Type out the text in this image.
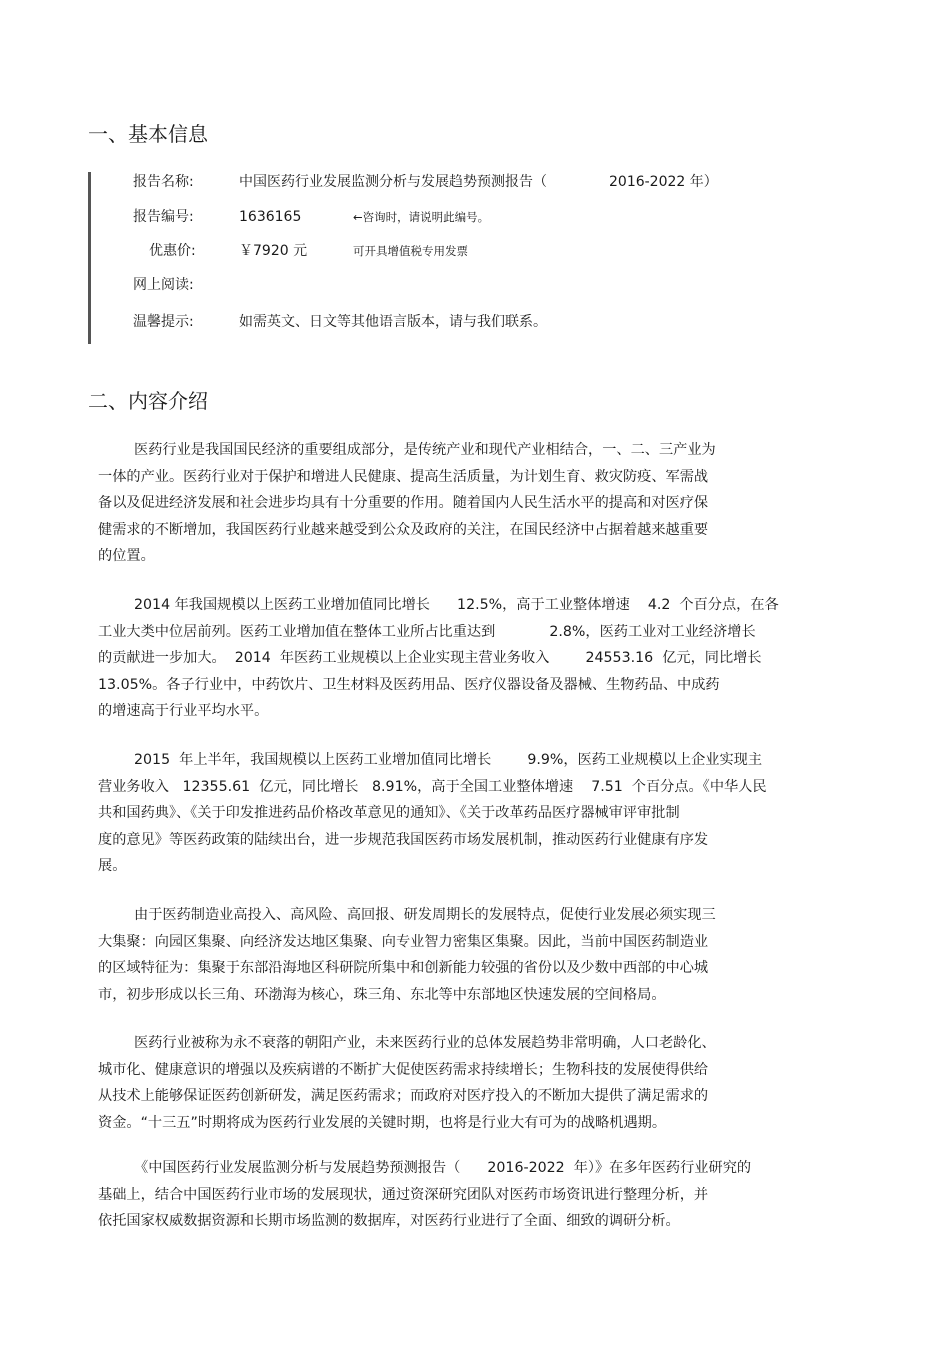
一、基本信息
报告名称:	中国医药行业发展监测分析与发展趋势预测报告（	2016-2022 年）
报告编号:	1636165	←咨询时，请说明此编号。
优惠价:	￥7920 元	可开具增值税专用发票
网上阅读:
温馨提示:	如需英文、日文等其他语言版本，请与我们联系。
二、内容介绍
医药行业是我国国民经济的重要组成部分，是传统产业和现代产业相结合，一、二、三产业为
一体的产业。医药行业对于保护和增进人民健康、提高生活质量，为计划生育、救灾防疫、军需战
备以及促进经济发展和社会进步均具有十分重要的作用。随着国内人民生活水平的提高和对医疗保
健需求的不断增加，我国医药行业越来越受到公众及政府的关注，在国民经济中占据着越来越重要
的位置。
2014 年我国规模以上医药工业增加值同比增长      12.5%，高于工业整体增速    4.2  个百分点，在各
工业大类中位居前列。医药工业增加值在整体工业所占比重达到            2.8%，医药工业对工业经济增长
的贡献进一步加大。  2014  年医药工业规模以上企业实现主营业务收入        24553.16  亿元，同比增长
13.05%。各子行业中，中药饮片、卫生材料及医药用品、医疗仪器设备及器械、生物药品、中成药
的增速高于行业平均水平。
2015  年上半年，我国规模以上医药工业增加值同比增长        9.9%，医药工业规模以上企业实现主
营业务收入   12355.61  亿元，同比增长   8.91%，高于全国工业整体增速    7.51  个百分点。《中华人民
共和国药典》、《关于印发推进药品价格改革意见的通知》、《关于改革药品医疗器械审评审批制
度的意见》等医药政策的陆续出台，进一步规范我国医药市场发展机制，推动医药行业健康有序发
展。
由于医药制造业高投入、高风险、高回报、研发周期长的发展特点，促使行业发展必须实现三
大集聚：向园区集聚、向经济发达地区集聚、向专业智力密集区集聚。因此，当前中国医药制造业
的区域特征为：集聚于东部沿海地区科研院所集中和创新能力较强的省份以及少数中西部的中心城
市，初步形成以长三角、环渤海为核心，珠三角、东北等中东部地区快速发展的空间格局。
医药行业被称为永不衰落的朝阳产业，未来医药行业的总体发展趋势非常明确，人口老龄化、
城市化、健康意识的增强以及疾病谱的不断扩大促使医药需求持续增长；生物科技的发展使得供给
从技术上能够保证医药创新研发，满足医药需求；而政府对医疗投入的不断加大提供了满足需求的
资金。“十三五”时期将成为医药行业发展的关键时期，也将是行业大有可为的战略机遇期。
《中国医药行业发展监测分析与发展趋势预测报告（      2016-2022  年）》在多年医药行业研究的
基础上，结合中国医药行业市场的发展现状，通过资深研究团队对医药市场资讯进行整理分析，并
依托国家权威数据资源和长期市场监测的数据库，对医药行业进行了全面、细致的调研分析。
